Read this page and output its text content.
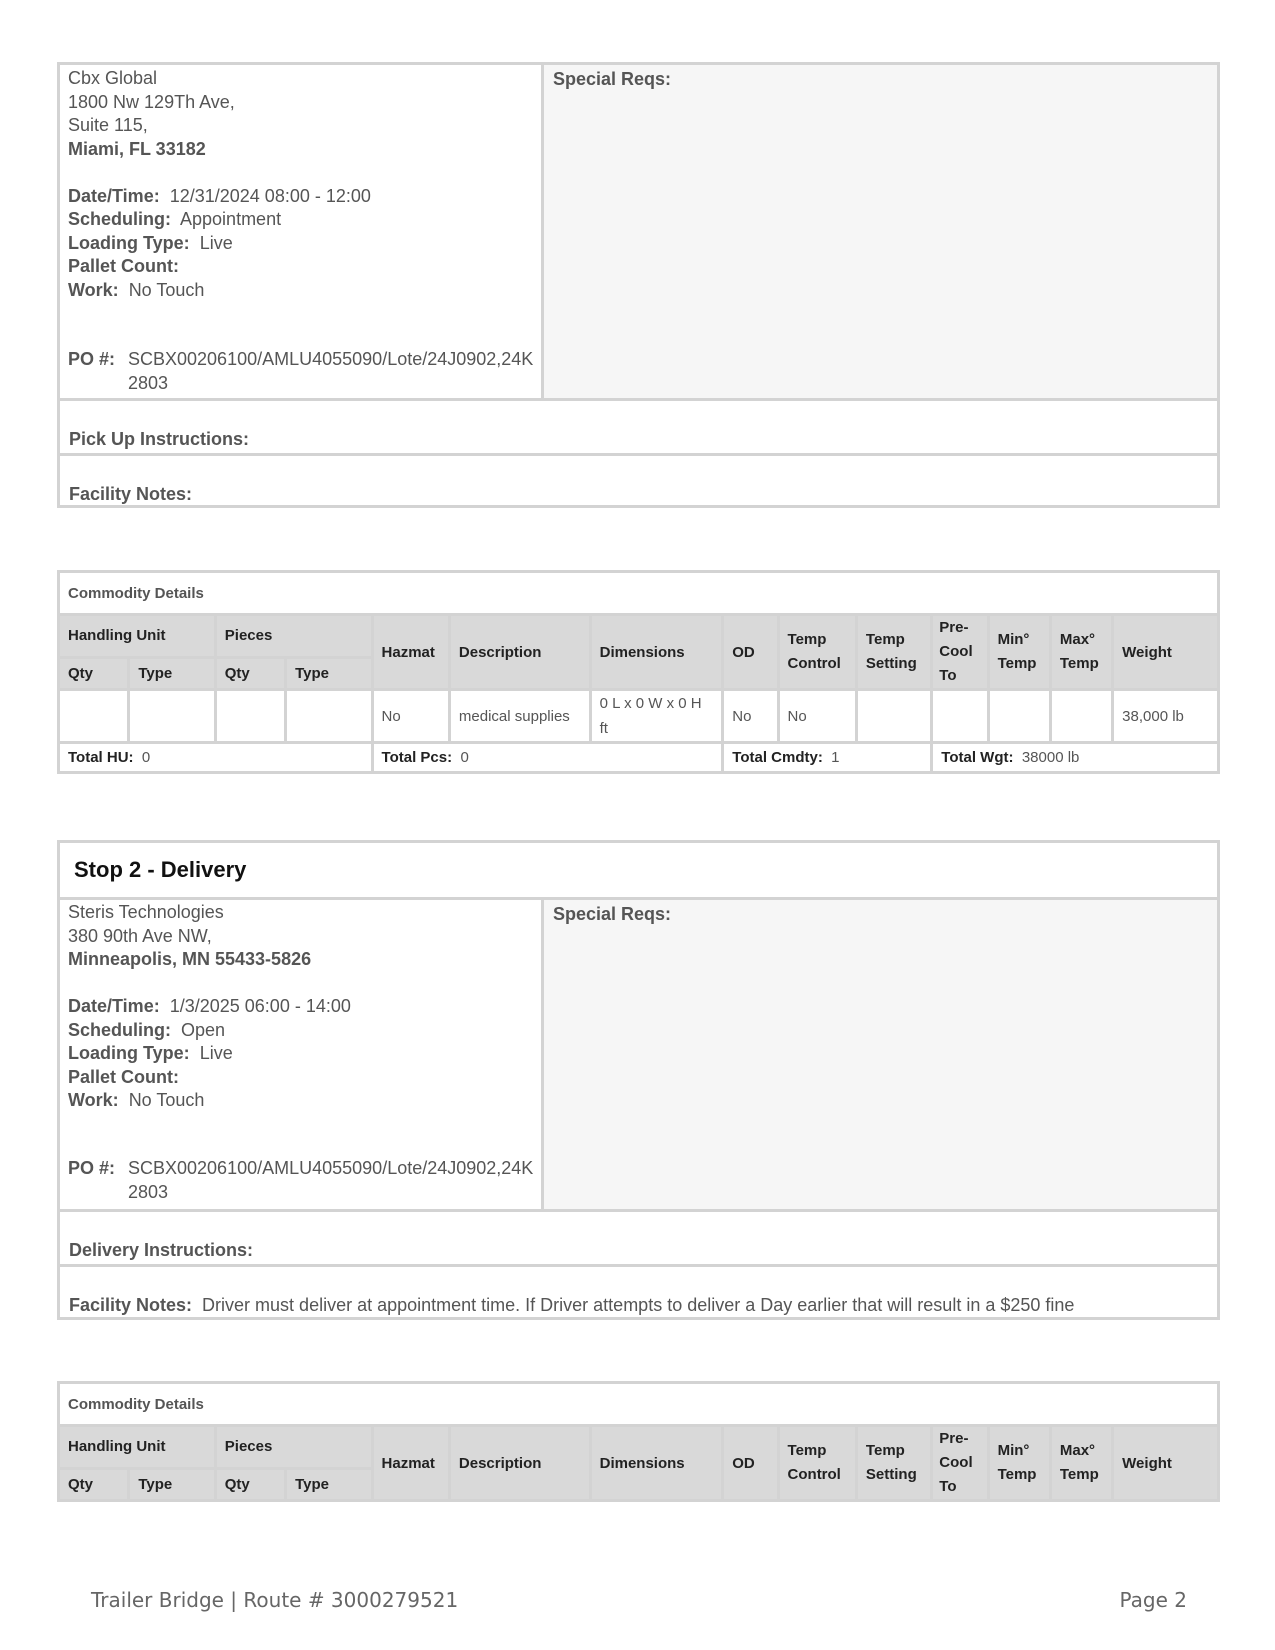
Cbx Global
1800 Nw 129Th Ave,
Suite 115,
Miami, FL 33182
Date/Time: 12/31/2024 08:00 - 12:00
Scheduling: Appointment
Loading Type: Live
Pallet Count:
Work: No Touch
PO #: SCBX00206100/AMLU4055090/Lote/24J0902,24K2803
Special Reqs:
Pick Up Instructions:
Facility Notes:
Commodity Details													
Handling Unit		Pieces		Hazmat	Description	Dimensions	OD	Temp Control	Temp Setting	Pre-Cool To	Min° Temp	Max° Temp	Weight
Qty	Type	Qty	Type										
				No	medical supplies	0 L x 0 W x 0 H ft	No	No					38,000 lb
Total HU: 0				Total Pcs: 0			Total Cmdty: 1			Total Wgt: 38000 lb			
Stop 2 - Delivery
Steris Technologies
380 90th Ave NW,
Minneapolis, MN 55433-5826
Date/Time: 1/3/2025 06:00 - 14:00
Scheduling: Open
Loading Type: Live
Pallet Count:
Work: No Touch
PO #: SCBX00206100/AMLU4055090/Lote/24J0902,24K2803
Special Reqs:
Delivery Instructions:
Facility Notes: Driver must deliver at appointment time. If Driver attempts to deliver a Day earlier that will result in a $250 fine
Commodity Details													
Handling Unit		Pieces		Hazmat	Description	Dimensions	OD	Temp Control	Temp Setting	Pre-Cool To	Min° Temp	Max° Temp	Weight
Qty	Type	Qty	Type										
Trailer Bridge | Route # 3000279521	Page 2
